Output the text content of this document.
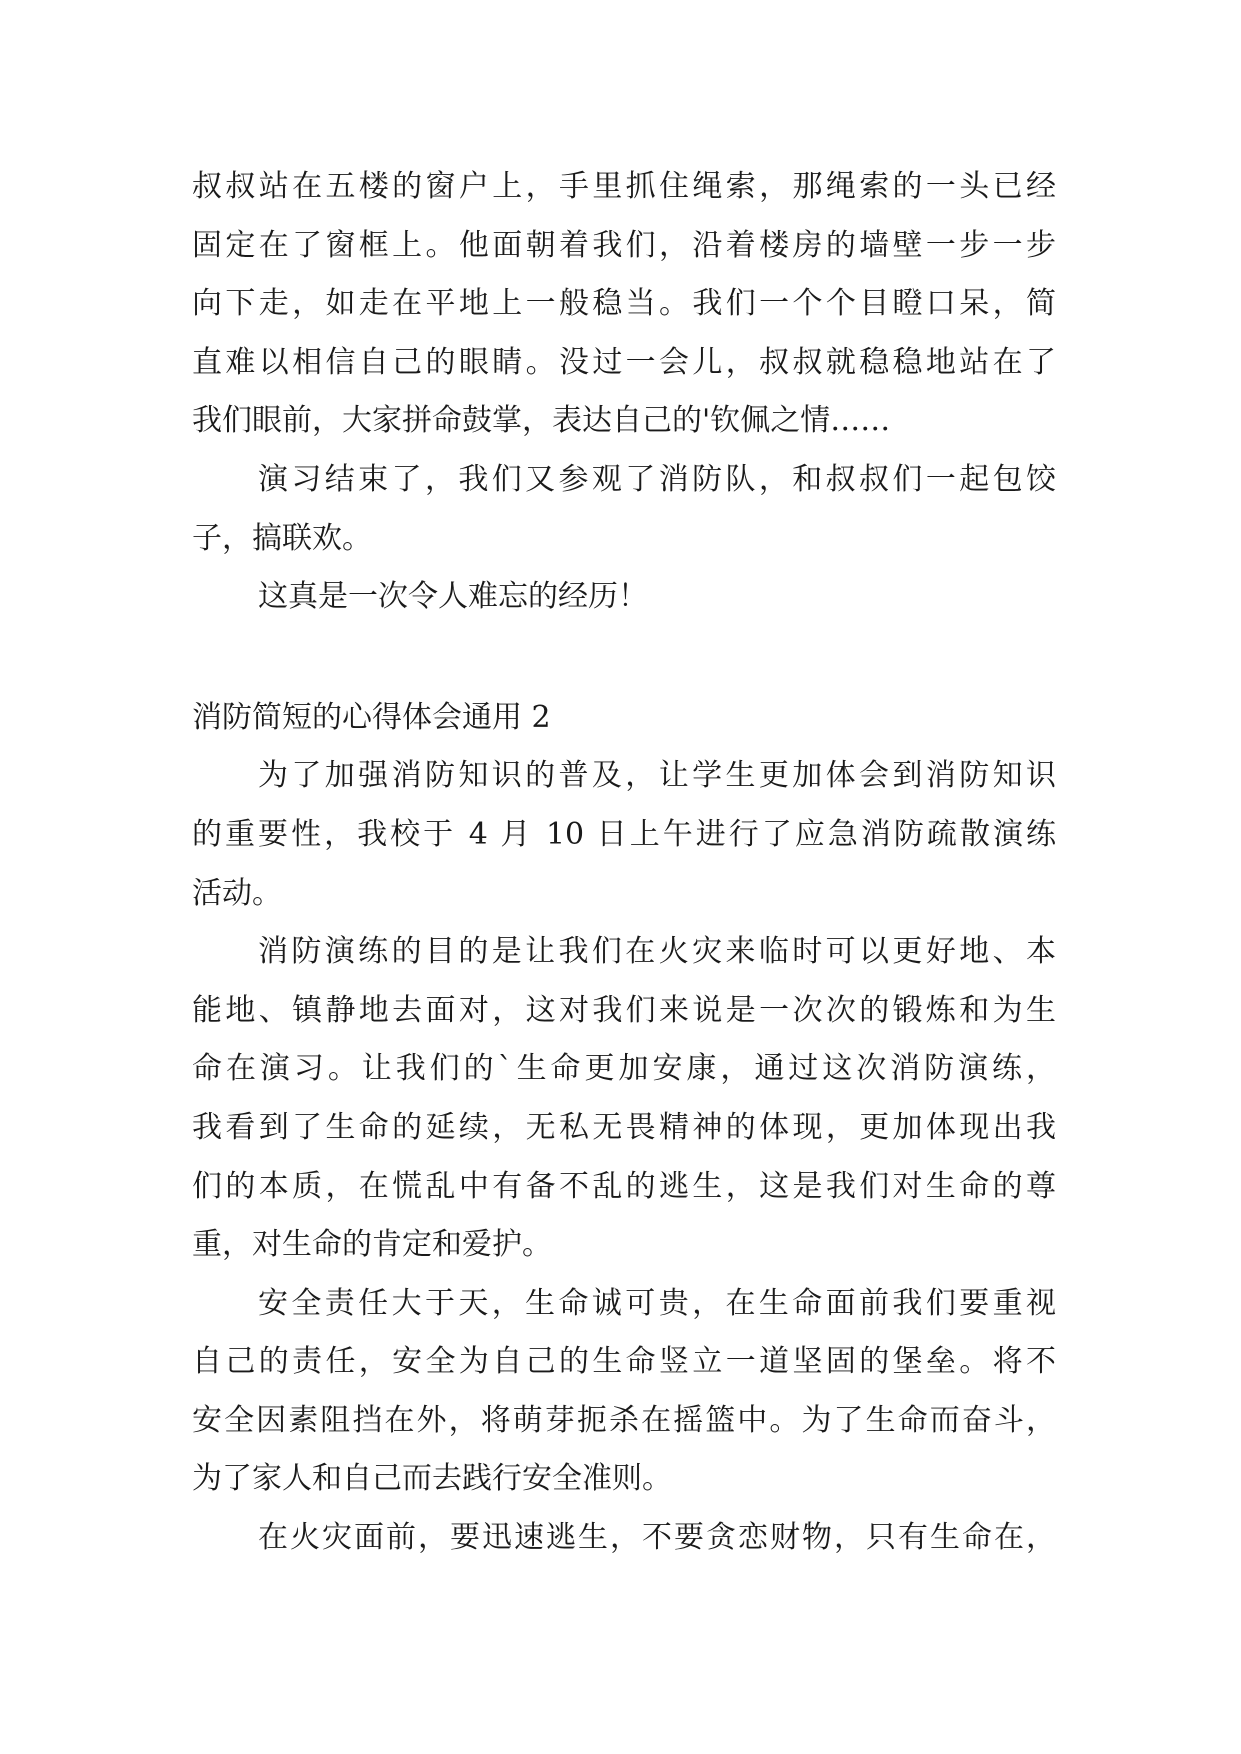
叔叔站在五楼的窗户上，手里抓住绳索，那绳索的一头已经
固定在了窗框上。他面朝着我们，沿着楼房的墙壁一步一步
向下走，如走在平地上一般稳当。我们一个个目瞪口呆，简
直难以相信自己的眼睛。没过一会儿，叔叔就稳稳地站在了
我们眼前，大家拼命鼓掌，表达自己的'钦佩之情……
演习结束了，我们又参观了消防队，和叔叔们一起包饺
子，搞联欢。
这真是一次令人难忘的经历！
消防简短的心得体会通用 2
为了加强消防知识的普及，让学生更加体会到消防知识
的重要性，我校于 4 月 10 日上午进行了应急消防疏散演练
活动。
消防演练的目的是让我们在火灾来临时可以更好地、本
能地、镇静地去面对，这对我们来说是一次次的锻炼和为生
命在演习。让我们的`生命更加安康，通过这次消防演练，
我看到了生命的延续，无私无畏精神的体现，更加体现出我
们的本质，在慌乱中有备不乱的逃生，这是我们对生命的尊
重，对生命的肯定和爱护。
安全责任大于天，生命诚可贵，在生命面前我们要重视
自己的责任，安全为自己的生命竖立一道坚固的堡垒。将不
安全因素阻挡在外，将萌芽扼杀在摇篮中。为了生命而奋斗，
为了家人和自己而去践行安全准则。
在火灾面前，要迅速逃生，不要贪恋财物，只有生命在，
